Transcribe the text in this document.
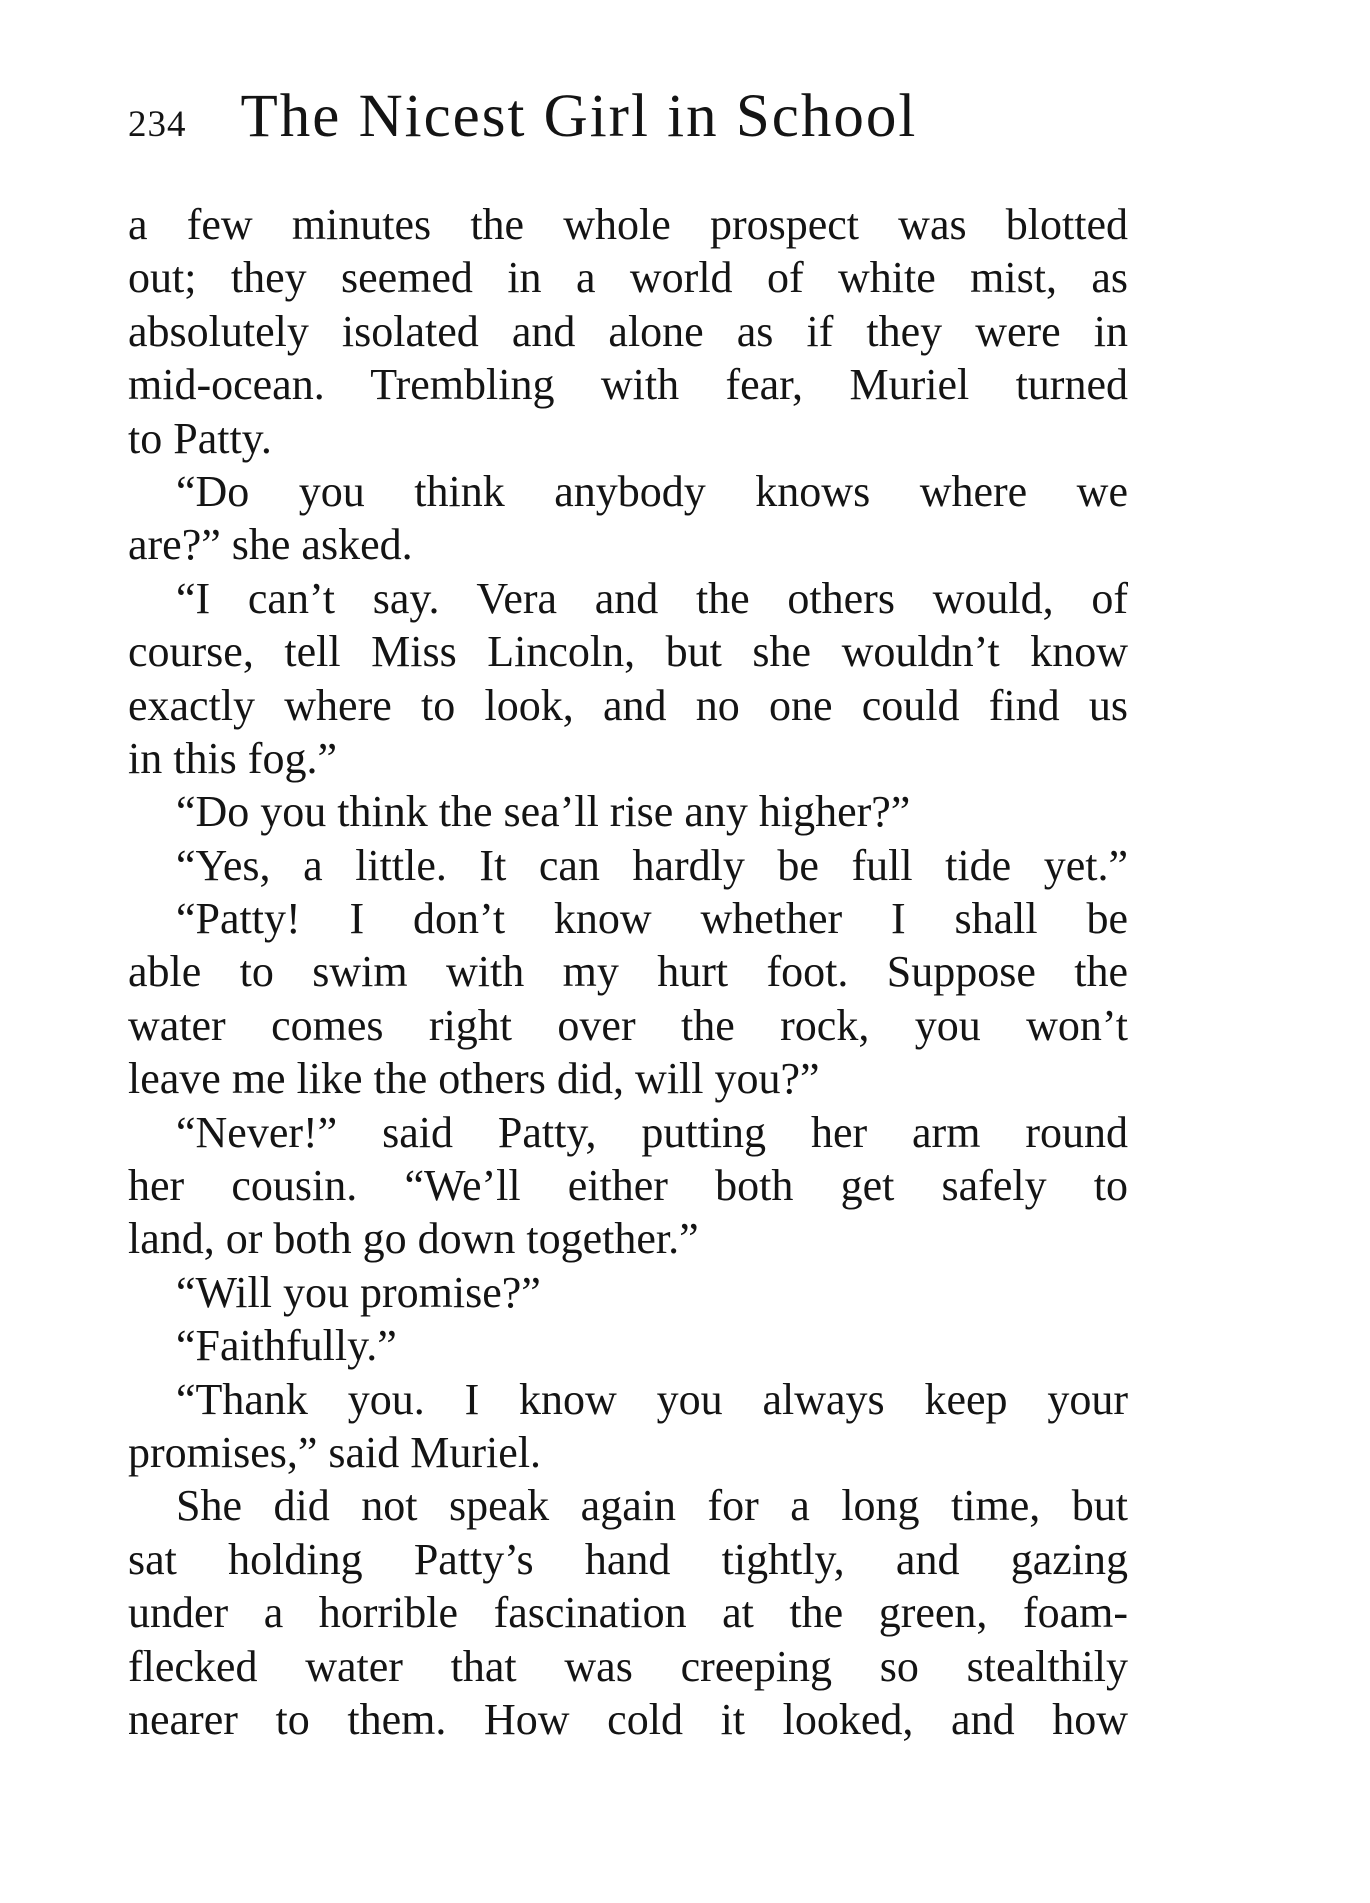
234 The Nicest Girl in School
a few minutes the whole prospect was blotted
out; they seemed in a world of white mist, as
absolutely isolated and alone as if they were in
mid-ocean. Trembling with fear, Muriel turned
to Patty.
“Do you think anybody knows where we
are?” she asked.
“I can’t say. Vera and the others would, of
course, tell Miss Lincoln, but she wouldn’t know
exactly where to look, and no one could find us
in this fog.”
“Do you think the sea’ll rise any higher?”
“Yes, a little. It can hardly be full tide yet.”
“Patty! I don’t know whether I shall be
able to swim with my hurt foot. Suppose the
water comes right over the rock, you won’t
leave me like the others did, will you?”
“Never!” said Patty, putting her arm round
her cousin. “We’ll either both get safely to
land, or both go down together.”
“Will you promise?”
“Faithfully.”
“Thank you. I know you always keep your
promises,” said Muriel.
She did not speak again for a long time, but
sat holding Patty’s hand tightly, and gazing
under a horrible fascination at the green, foam-
flecked water that was creeping so stealthily
nearer to them. How cold it looked, and how
